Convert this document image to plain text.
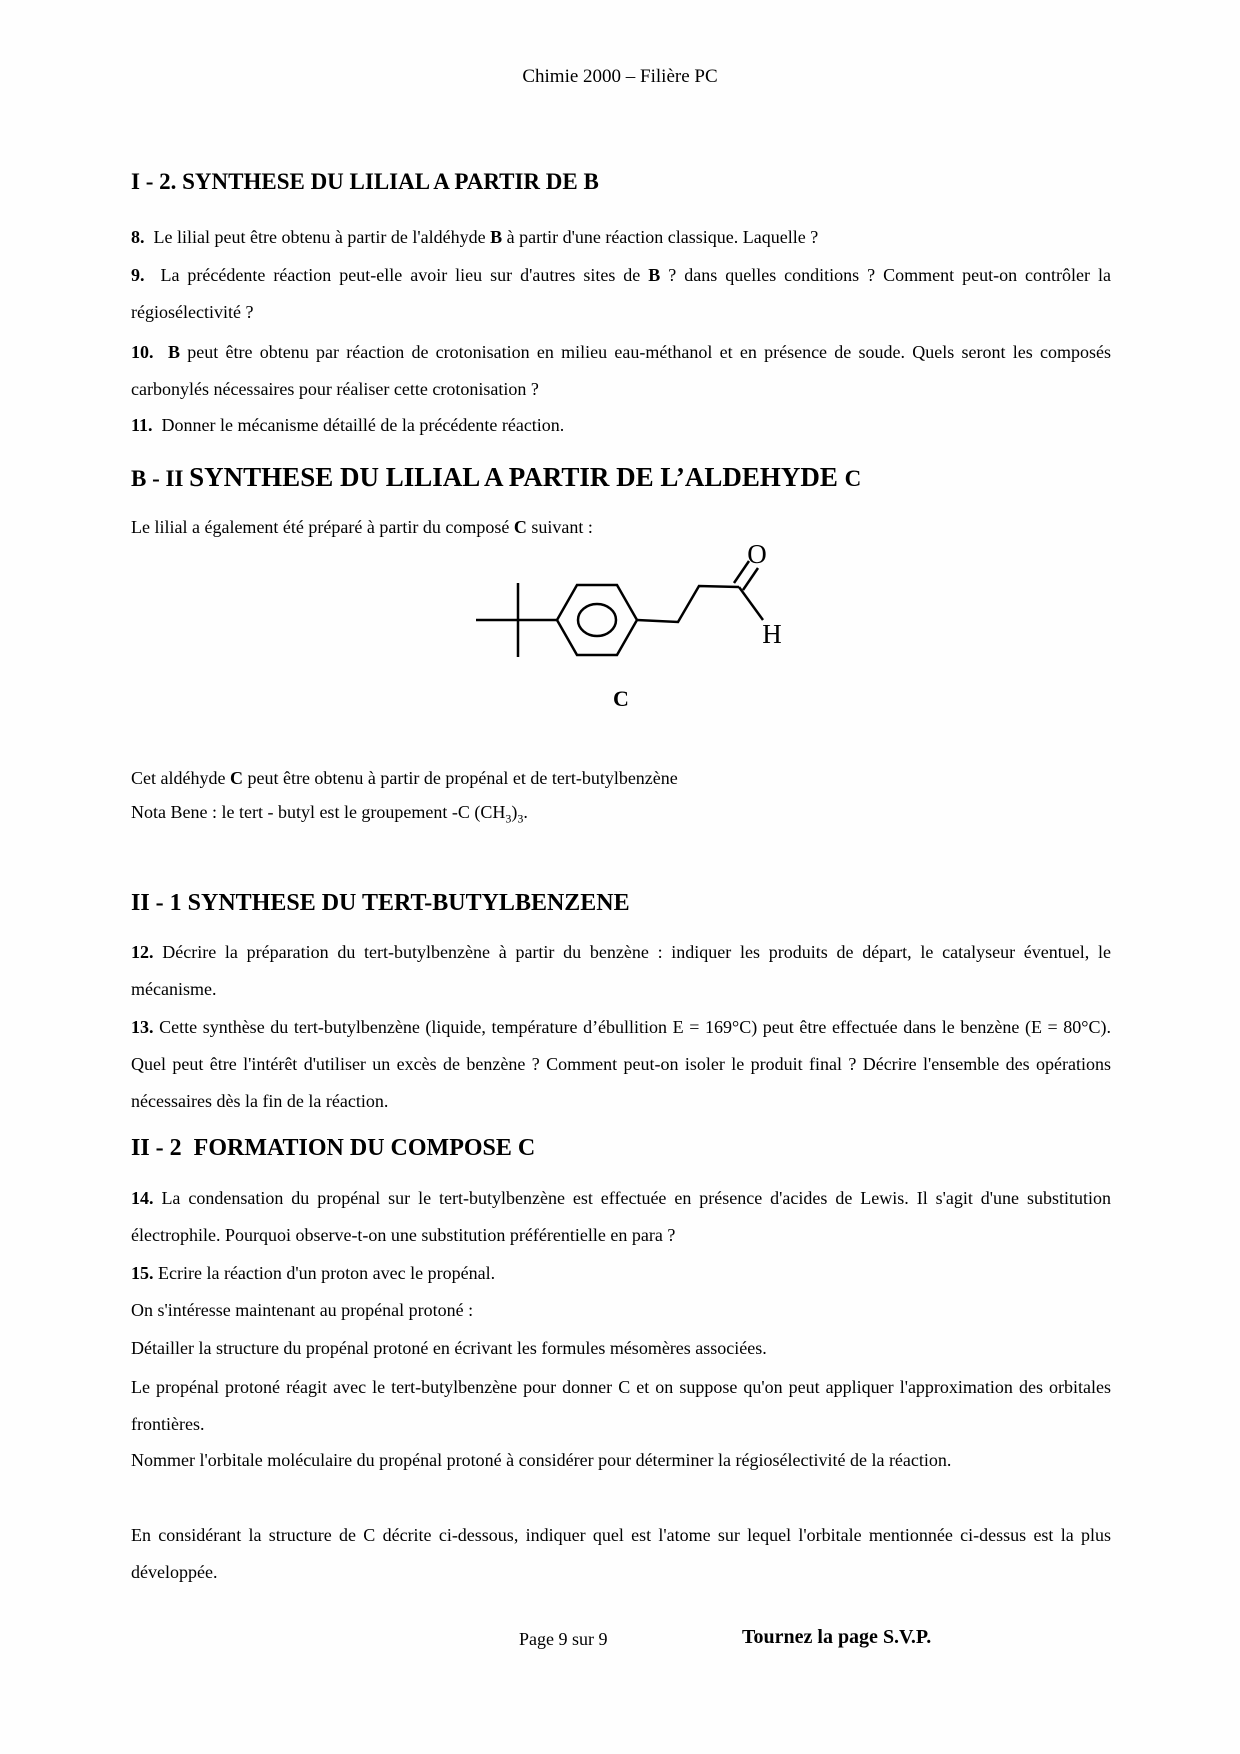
Chimie 2000 – Filière PC
I - 2. SYNTHESE DU LILIAL A PARTIR DE B

8.  Le lilial peut être obtenu à partir de l'aldéhyde B à partir d'une réaction classique. Laquelle ?

9.  La précédente réaction peut-elle avoir lieu sur d'autres sites de B ? dans quelles conditions ? Comment peut-on contrôler la régiosélectivité ?

10. B peut être obtenu par réaction de crotonisation en milieu eau-méthanol et en présence de soude. Quels seront les composés carbonylés nécessaires pour réaliser cette crotonisation ?

11.  Donner le mécanisme détaillé de la précédente réaction.

B - II SYNTHESE DU LILIAL A PARTIR DE L’ALDEHYDE C

Le lilial a également été préparé à partir du composé C suivant :

O
H
C

Cet aldéhyde C peut être obtenu à partir de propénal et de tert-butylbenzène

Nota Bene : le tert - butyl est le groupement -C $(CH_3)_3$.

II - 1 SYNTHESE DU TERT-BUTYLBENZENE

12. Décrire la préparation du tert-butylbenzène à partir du benzène : indiquer les produits de départ, le catalyseur éventuel, le mécanisme.

13. Cette synthèse du tert-butylbenzène (liquide, température d’ébullition E = 169°C) peut être effectuée dans le benzène (E = 80°C). Quel peut être l'intérêt d'utiliser un excès de benzène ? Comment peut-on isoler le produit final ? Décrire l'ensemble des opérations nécessaires dès la fin de la réaction.

II - 2  FORMATION DU COMPOSE C

14. La condensation du propénal sur le tert-butylbenzène est effectuée en présence d'acides de Lewis. Il s'agit d'une substitution électrophile. Pourquoi observe-t-on une substitution préférentielle en para ?

15. Ecrire la réaction d'un proton avec le propénal.

On s'intéresse maintenant au propénal protoné :

Détailler la structure du propénal protoné en écrivant les formules mésomères associées.

Le propénal protoné réagit avec le tert-butylbenzène pour donner C et on suppose qu'on peut appliquer l'approximation des orbitales frontières.

Nommer l'orbitale moléculaire du propénal protoné à considérer pour déterminer la régiosélectivité de la réaction.

En considérant la structure de C décrite ci-dessous, indiquer quel est l'atome sur lequel l'orbitale mentionnée ci-dessus est la plus développée.

Page 9 sur 9	Tournez la page S.V.P.
